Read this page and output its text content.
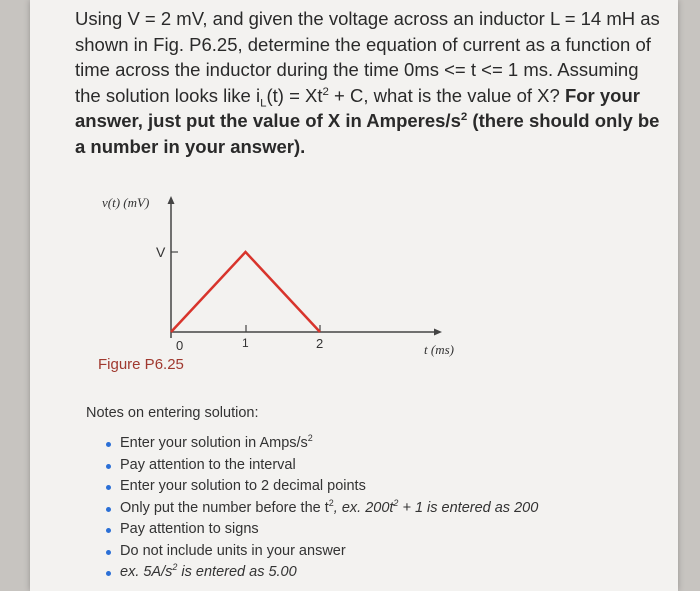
Using V = 2 mV, and given the voltage across an inductor L = 14 mH as shown in Fig. P6.25, determine the equation of current as a function of time across the inductor during the time 0ms <= t <= 1 ms. Assuming the solution looks like $i_L(t) = Xt^2 + C$, what is the value of X? For your answer, just put the value of X in Amperes/$s^2$ (there should only be a number in your answer).
v(t) (mV)
V
0	1	2	t (ms)
Figure P6.25
Notes on entering solution:
Enter your solution in Amps/$s^2$
Pay attention to the interval
Enter your solution to 2 decimal points
Only put the number before the $t^2$, ex. $200t^2 + 1$ is entered as 200
Pay attention to signs
Do not include units in your answer
ex. $5A/s^2$ is entered as 5.00
